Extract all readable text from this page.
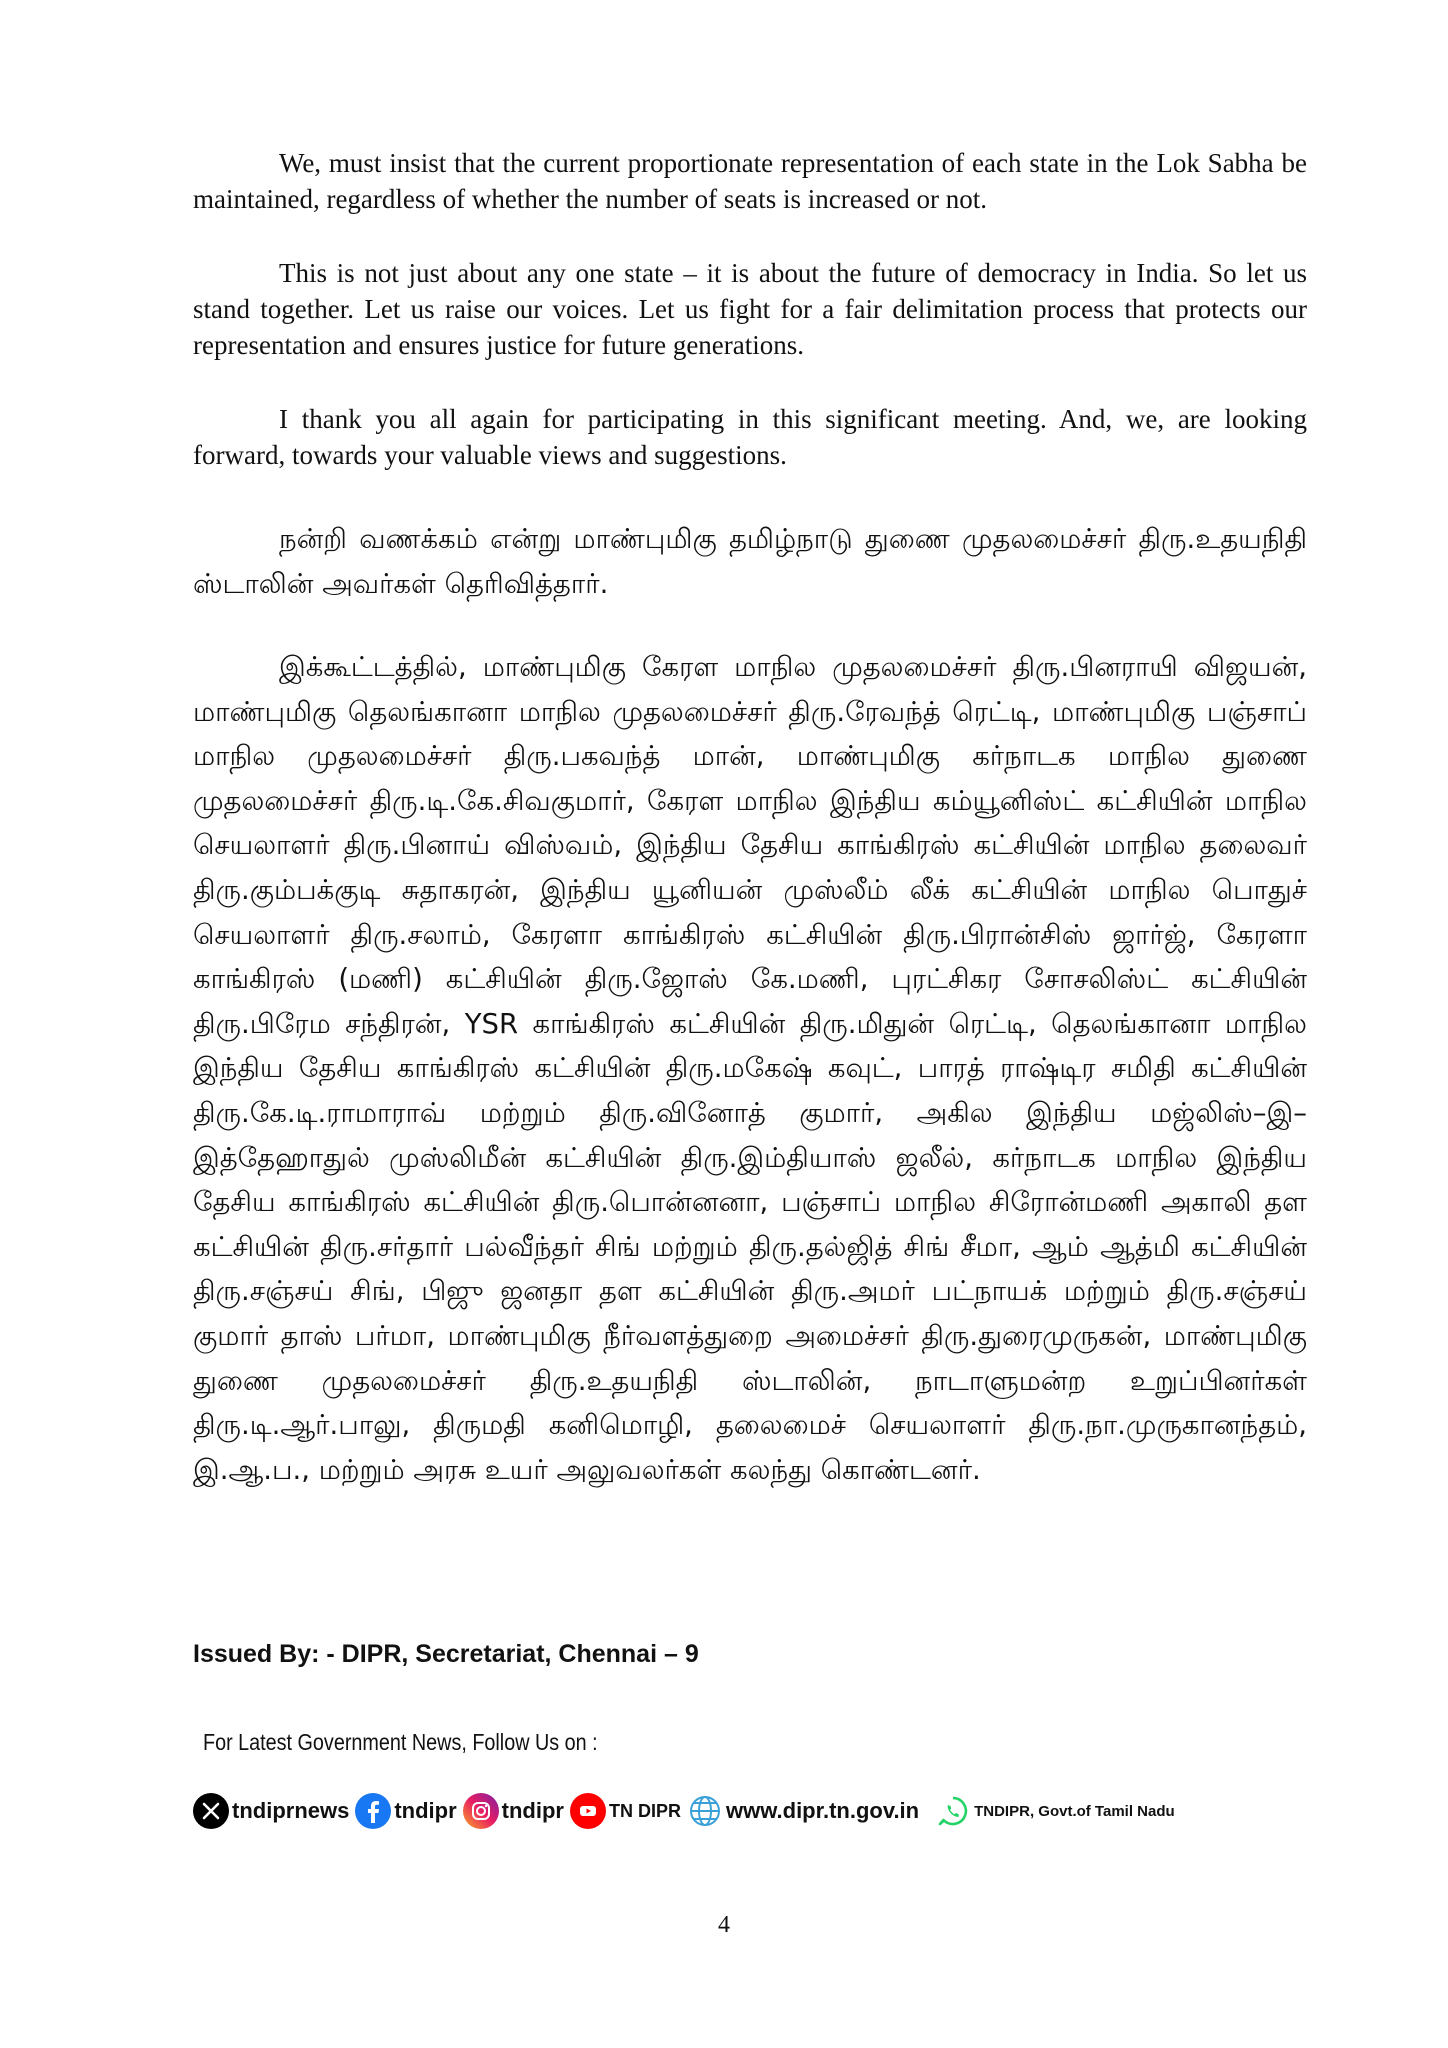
We, must insist that the current proportionate representation of each state in the Lok Sabha be maintained, regardless of whether the number of seats is increased or not.

This is not just about any one state – it is about the future of democracy in India. So let us stand together. Let us raise our voices. Let us fight for a fair delimitation process that protects our representation and ensures justice for future generations.

I thank you all again for participating in this significant meeting. And, we, are looking forward, towards your valuable views and suggestions.

நன்றி வணக்கம் என்று மாண்புமிகு தமிழ்நாடு துணை முதலமைச்சர் திரு.உதயநிதி ஸ்டாலின் அவர்கள் தெரிவித்தார்.

இக்கூட்டத்தில், மாண்புமிகு கேரள மாநில முதலமைச்சர் திரு.பினராயி விஜயன், மாண்புமிகு தெலங்கானா மாநில முதலமைச்சர் திரு.ரேவந்த் ரெட்டி, மாண்புமிகு பஞ்சாப் மாநில முதலமைச்சர் திரு.பகவந்த் மான், மாண்புமிகு கர்நாடக மாநில துணை முதலமைச்சர் திரு.டி.கே.சிவகுமார், கேரள மாநில இந்திய கம்யூனிஸ்ட் கட்சியின் மாநில செயலாளர் திரு.பினாய் விஸ்வம், இந்திய தேசிய காங்கிரஸ் கட்சியின் மாநில தலைவர் திரு.கும்பக்குடி சுதாகரன், இந்திய யூனியன் முஸ்லீம் லீக் கட்சியின் மாநில பொதுச் செயலாளர் திரு.சலாம், கேரளா காங்கிரஸ் கட்சியின் திரு.பிரான்சிஸ் ஜார்ஜ், கேரளா காங்கிரஸ் (மணி) கட்சியின் திரு.ஜோஸ் கே.மணி, புரட்சிகர சோசலிஸ்ட் கட்சியின் திரு.பிரேம சந்திரன், YSR காங்கிரஸ் கட்சியின் திரு.மிதுன் ரெட்டி, தெலங்கானா மாநில இந்திய தேசிய காங்கிரஸ் கட்சியின் திரு.மகேஷ் கவுட், பாரத் ராஷ்டிர சமிதி கட்சியின் திரு.கே.டி.ராமாராவ் மற்றும் திரு.வினோத் குமார், அகில இந்திய மஜ்லிஸ்–இ–இத்தேஹாதுல் முஸ்லிமீன் கட்சியின் திரு.இம்தியாஸ் ஜலீல், கர்நாடக மாநில இந்திய தேசிய காங்கிரஸ் கட்சியின் திரு.பொன்னனா, பஞ்சாப் மாநில சிரோன்மணி அகாலி தள கட்சியின் திரு.சர்தார் பல்வீந்தர் சிங் மற்றும் திரு.தல்ஜித் சிங் சீமா, ஆம் ஆத்மி கட்சியின் திரு.சஞ்சய் சிங், பிஜு ஜனதா தள கட்சியின் திரு.அமர் பட்நாயக் மற்றும் திரு.சஞ்சய் குமார் தாஸ் பர்மா, மாண்புமிகு நீர்வளத்துறை அமைச்சர் திரு.துரைமுருகன், மாண்புமிகு துணை முதலமைச்சர் திரு.உதயநிதி ஸ்டாலின், நாடாளுமன்ற உறுப்பினர்கள் திரு.டி.ஆர்.பாலு, திருமதி கனிமொழி, தலைமைச் செயலாளர் திரு.நா.முருகானந்தம், இ.ஆ.ப., மற்றும் அரசு உயர் அலுவலர்கள் கலந்து கொண்டனர்.

Issued By: - DIPR, Secretariat, Chennai – 9

For Latest Government News, Follow Us on :

tndiprnews tndipr tndipr	TN DIPR www.dipr.tn.gov.in	TNDIPR, Govt.of Tamil Nadu

4
